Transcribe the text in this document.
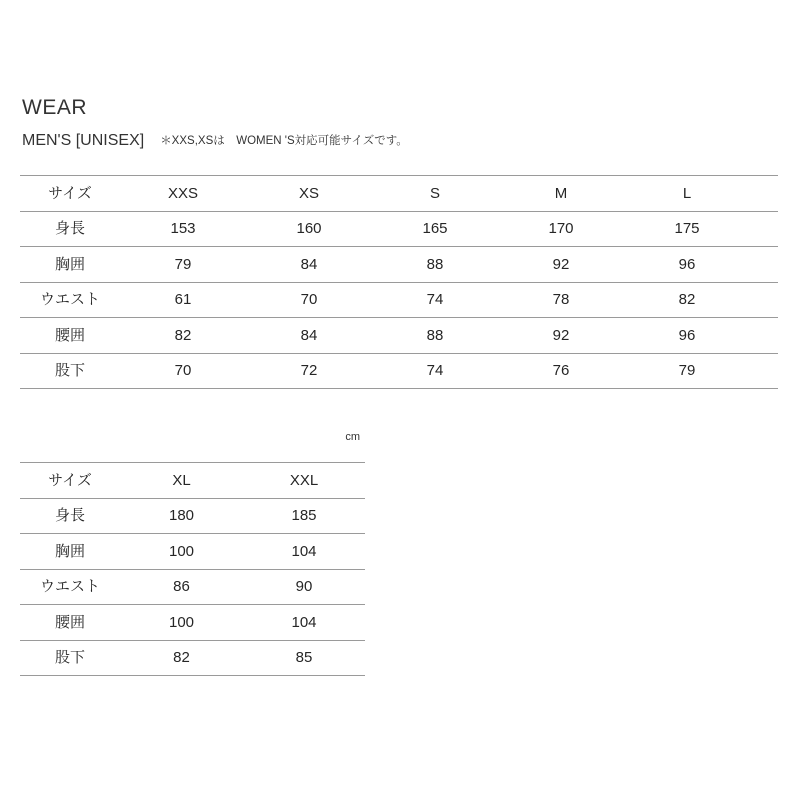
WEAR
MEN'S [UNISEX] ＊XXS,XSは　WOMEN 'S対応可能サイズです。
サイズ	XXS	XS	S	M	L	
身長	153	160	165	170	175	
胸囲	79	84	88	92	96	
ウエスト	61	70	74	78	82	
腰囲	82	84	88	92	96	
股下	70	72	74	76	79	
cm
サイズ	XL	XXL
身長	180	185
胸囲	100	104
ウエスト	86	90
腰囲	100	104
股下	82	85
